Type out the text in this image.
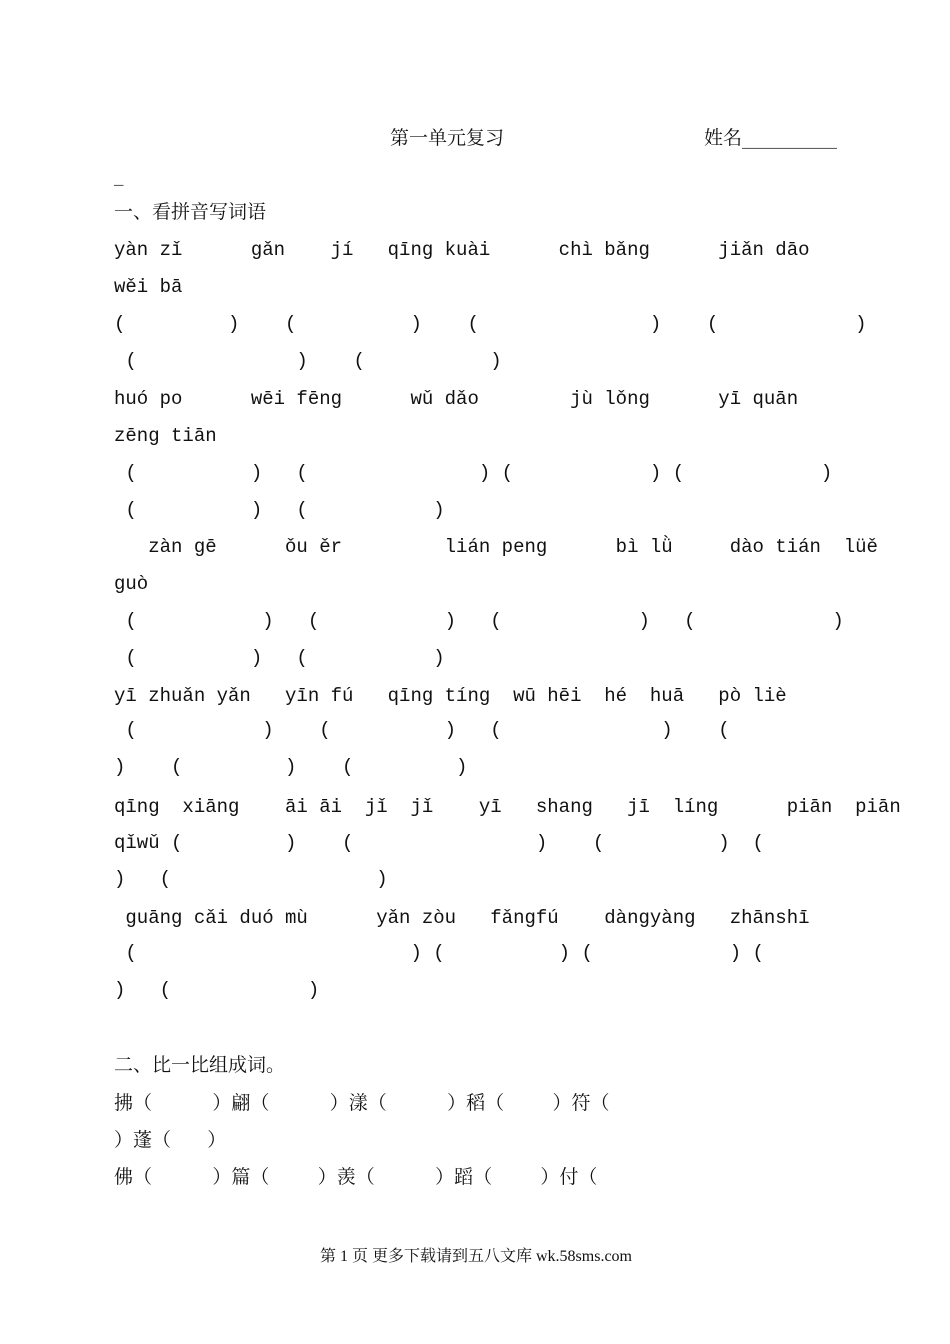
第一单元复习	姓名__________
_
一、看拼音写词语
yàn zǐ      gǎn    jí   qīng kuài      chì bǎng      jiǎn dāo
wěi bā
(         )    (          )    (               )    (            )
(              )    (           )
huó po      wēi fēng      wǔ dǎo        jù lǒng      yī quān
zēng tiān
(          )   (               ) (            ) (            )
(          )   (           )
zàn gē      ǒu ěr         lián peng      bì lǜ     dào tián  lüě
guò
(           )   (           )   (            )   (            )
(          )   (           )
yī zhuǎn yǎn   yīn fú   qīng tíng  wū hēi  hé  huā   pò liè
(           )    (          )   (              )    (
)    (         )    (         )
qīng  xiāng    āi āi  jǐ  jǐ    yī   shang   jī  líng      piān  piān
qǐwǔ (         )    (                )    (          )  (
)   (                  )
guāng cǎi duó mù      yǎn zòu   fǎngfú    dàngyàng   zhānshī
(                        ) (          ) (            ) (
)   (            )
二、比一比组成词。
拂（          ）翩（          ）漾（          ）稻（        ）符（
）蓬（      ）
佛（          ）篇（        ）羡（          ）蹈（        ）付（
第 1 页 更多下载请到五八文库 wk.58sms.com
